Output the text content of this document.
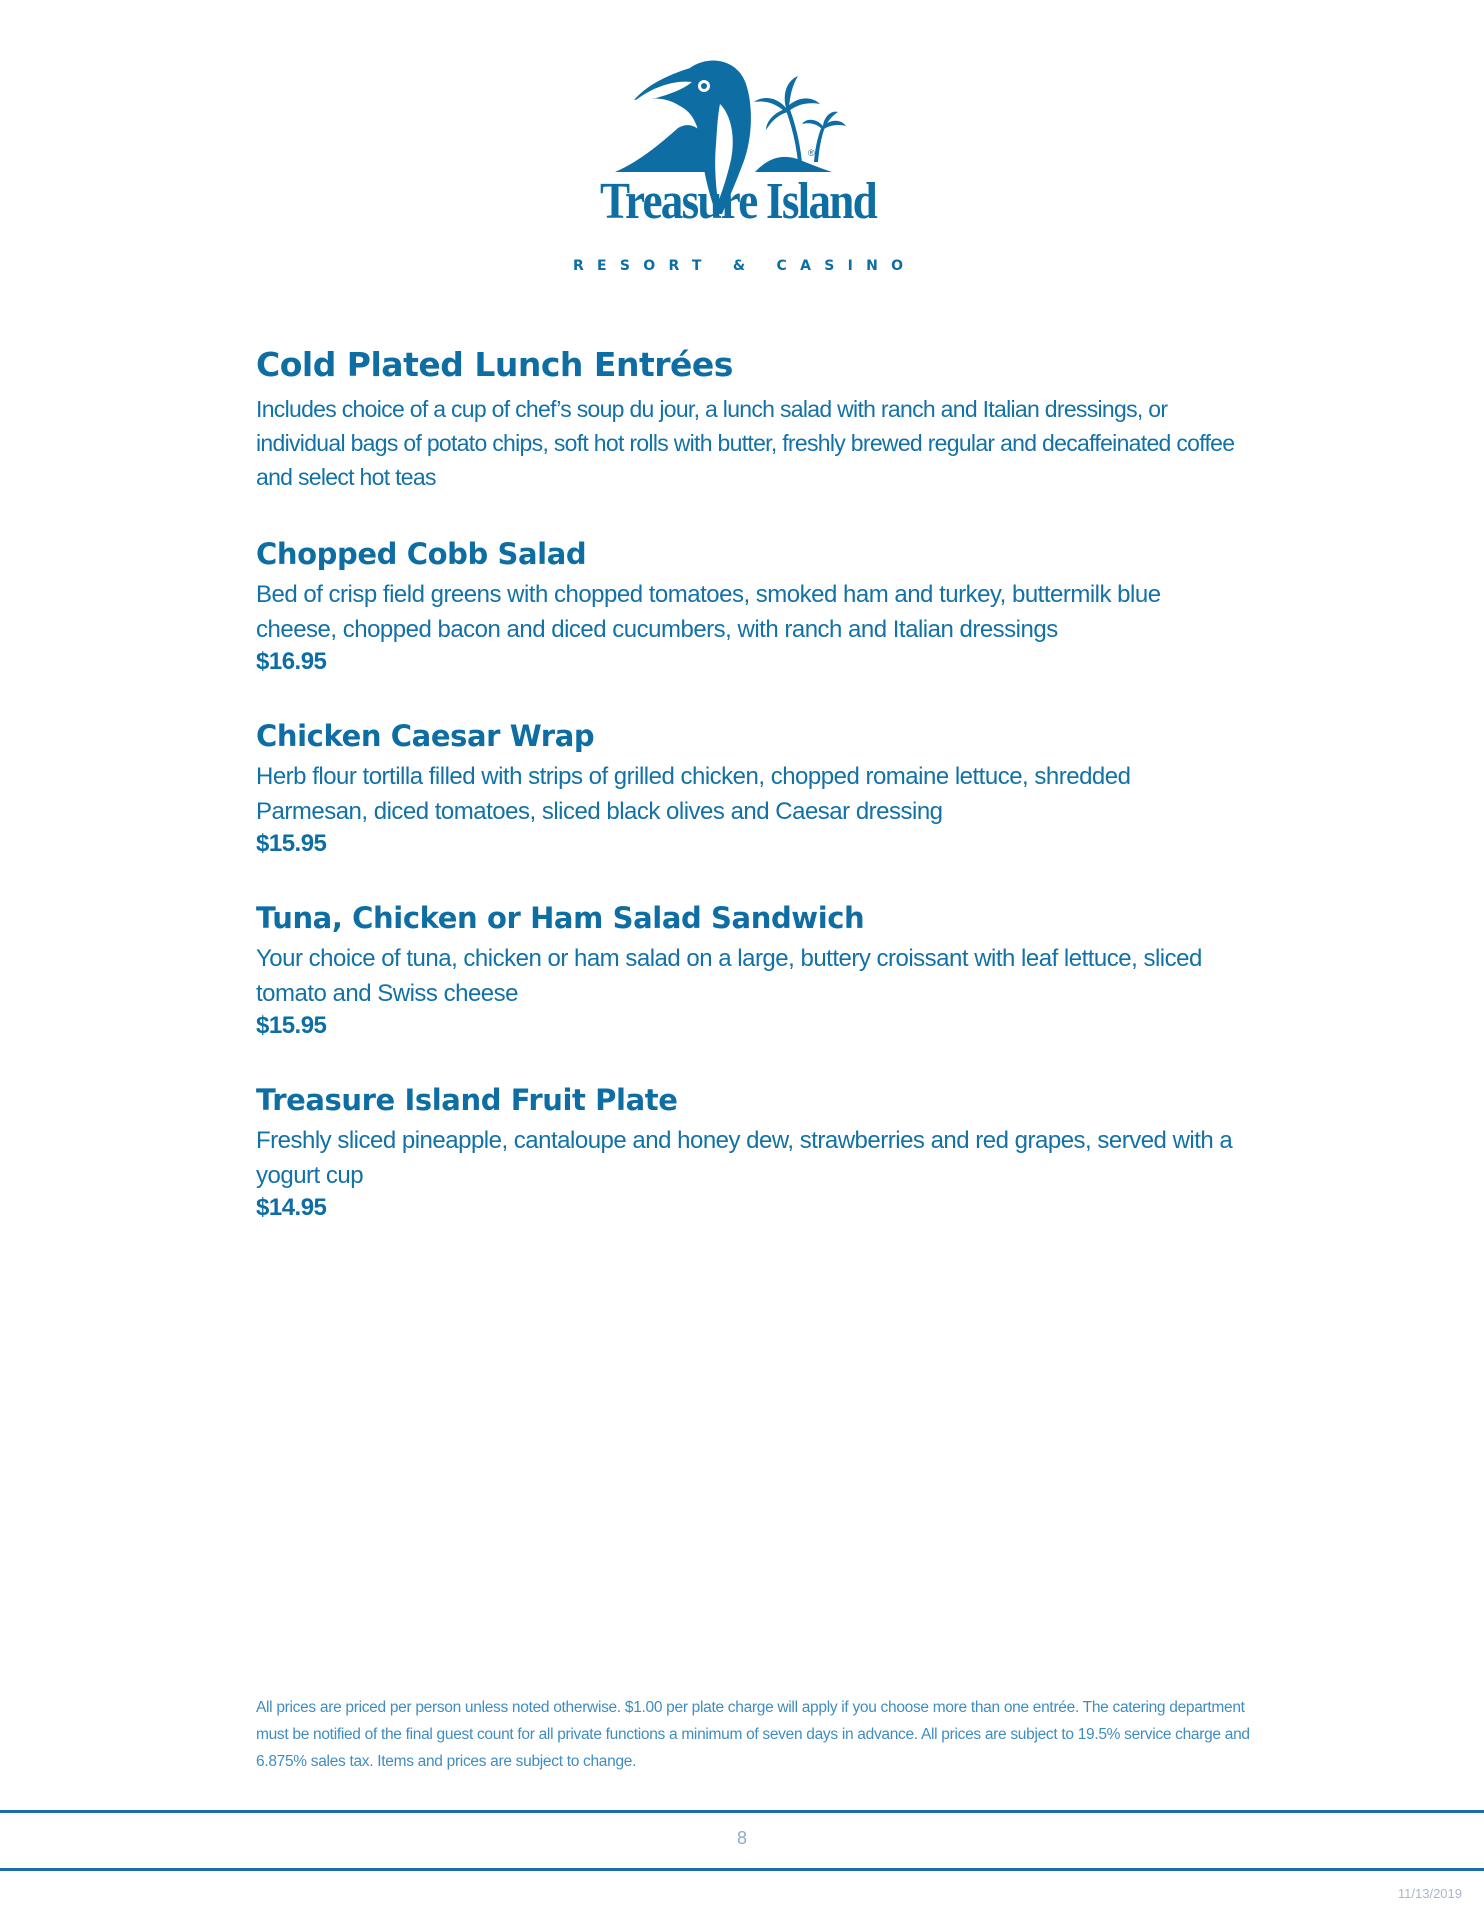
®
Treasure Island
RESORT & CASINO
Cold Plated Lunch Entrées

Includes choice of a cup of chef’s soup du jour, a lunch salad with ranch and Italian dressings, or individual bags of potato chips, soft hot rolls with butter, freshly brewed regular and decaffeinated coffee and select hot teas

Chopped Cobb Salad

Bed of crisp field greens with chopped tomatoes, smoked ham and turkey, buttermilk blue cheese, chopped bacon and diced cucumbers, with ranch and Italian dressings

$16.95
Chicken Caesar Wrap

Herb flour tortilla filled with strips of grilled chicken, chopped romaine lettuce, shredded Parmesan, diced tomatoes, sliced black olives and Caesar dressing

$15.95
Tuna, Chicken or Ham Salad Sandwich

Your choice of tuna, chicken or ham salad on a large, buttery croissant with leaf lettuce, sliced tomato and Swiss cheese

$15.95
Treasure Island Fruit Plate

Freshly sliced pineapple, cantaloupe and honey dew, strawberries and red grapes, served with a yogurt cup

$14.95
All prices are priced per person unless noted otherwise. $1.00 per plate charge will apply if you choose more than one entrée. The catering department must be notified of the final guest count for all private functions a minimum of seven days in advance. All prices are subject to 19.5% service charge and 6.875% sales tax. Items and prices are subject to change.
8
11/13/2019
